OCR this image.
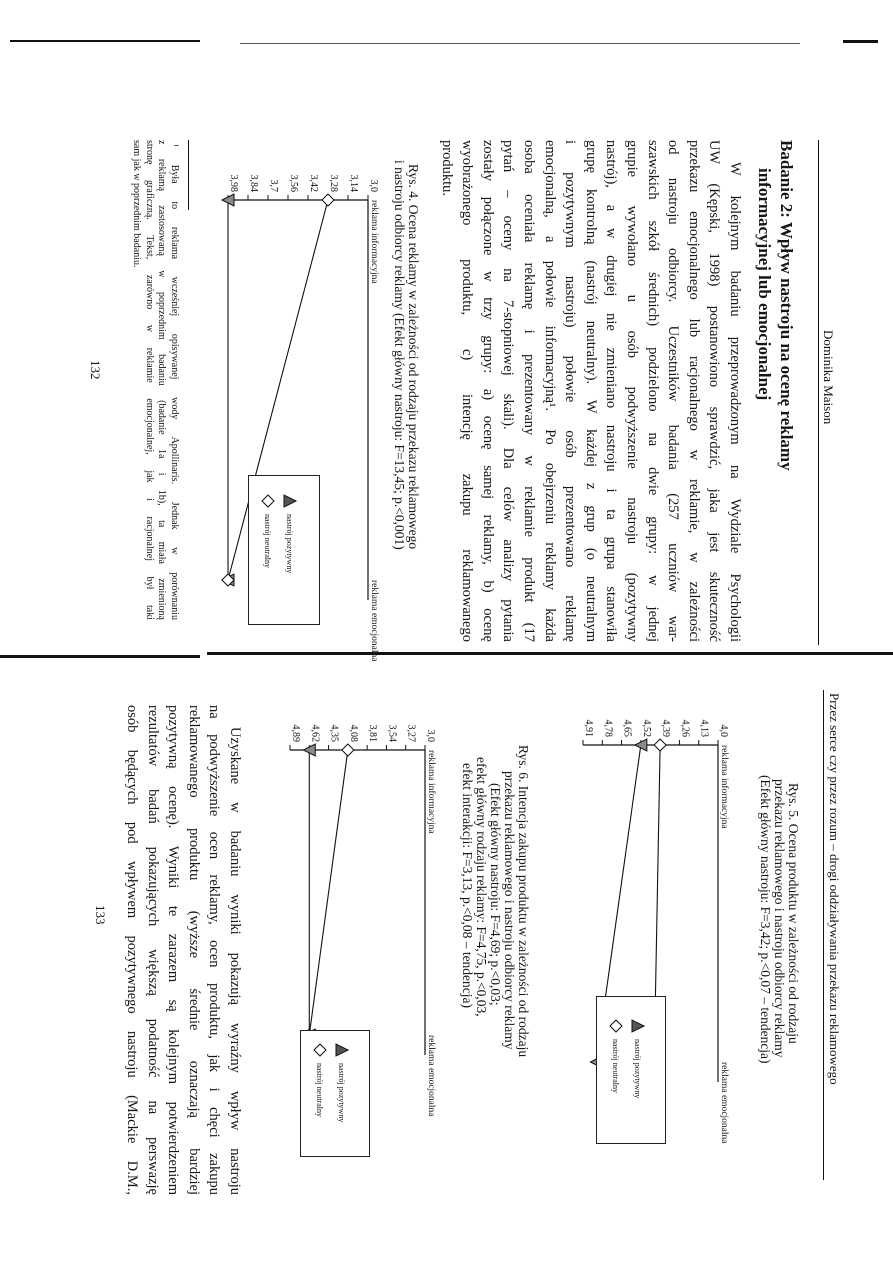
Dominika Maison
Badanie 2: Wpływ nastroju na ocenę reklamy
informacyjnej lub emocjonalnej
W kolejnym badaniu przeprowadzonym na Wydziale Psychologii
UW (Kępski, 1998) postanowiono sprawdzić, jaka jest skuteczność
przekazu emocjonalnego lub racjonalnego w reklamie, w zależności
od nastroju odbiorcy. Uczestników badania (257 uczniów war-
szawskich szkół średnich) podzielono na dwie grupy: w jednej
grupie wywołano u osób podwyższenie nastroju (pozytywny
nastrój), a w drugiej nie zmieniano nastroju i ta grupa stanowiła
grupę kontrolną (nastrój neutralny). W każdej z grup (o neutralnym
i pozytywnym nastroju) połowie osób prezentowano reklamę
emocjonalną, a połowie informacyjną¹. Po obejrzeniu reklamy każda
osoba oceniała reklamę i prezentowany w reklamie produkt (17
pytań – oceny na 7-stopniowej skali). Dla celów analizy pytania
zostały połączone w trzy grupy: a) ocenę samej reklamy, b) ocenę
wyobrażonego produktu, c) intencję zakupu reklamowanego
produktu.
Rys. 4. Ocena reklamy w zależności od rodzaju przekazu reklamowego
i nastroju odbiorcy reklamy (Efekt główny nastroju: F=13,45; p.<0,001)
3,98 3,84 3,7 3,56 3,42 3,28 3,14 3,0
reklama informacyjna
reklama emocjonalna
nastrój pozytywny
nastrój neutralny
¹ Była to reklama wcześniej opisywanej wody Apollinaris. Jednak w porównaniu
z reklamą zastosowaną w poprzednim badaniu (badanie 1a i 1b), ta miała zmienioną
stronę graficzną. Tekst, zarówno w reklamie emocjonalnej, jak i racjonalnej był taki
sam jak w poprzednim badaniu.
132
Przez serce czy przez rozum – drogi oddziaływania przekazu reklamowego
Rys. 5. Ocena produktu w zależności od rodzaju
przekazu reklamowego i nastroju odbiorcy reklamy
(Efekt główny nastroju: F=3,42; p.<0,07 – tendencja)
4,91 4,78 4,65 4,52 4,39 4,26 4,13 4,0
reklama informacyjna
reklama emocjonalna
nastrój pozytywny
nastrój neutralny
Rys. 6. Intencja zakupu produktu w zależności od rodzaju
przekazu reklamowego i nastroju odbiorcy reklamy
(Efekt główny nastroju: F=4,69; p.<0,03;
efekt główny rodzaju reklamy: F=4,75, p.<0,03,
efekt interakcji: F=3,13, p.<0,08 – tendencja)
4,89 4,62 4,35 4,08 3,81 3,54 3,27 3,0
reklama informacyjna
reklama emocjonalna
nastrój pozytywny
nastrój neutralny
133	Uzyskane w badaniu wyniki pokazują wyraźny wpływ nastroju
na podwyższenie ocen reklamy, ocen produktu, jak i chęci zakupu
reklamowanego produktu (wyższe średnie oznaczają bardziej
pozytywną ocenę). Wyniki te zarazem są kolejnym potwierdzeniem
rezultatów badań pokazujących większą podatność na perswazję
osób będących pod wpływem pozytywnego nastroju (Mackie D.M.,
